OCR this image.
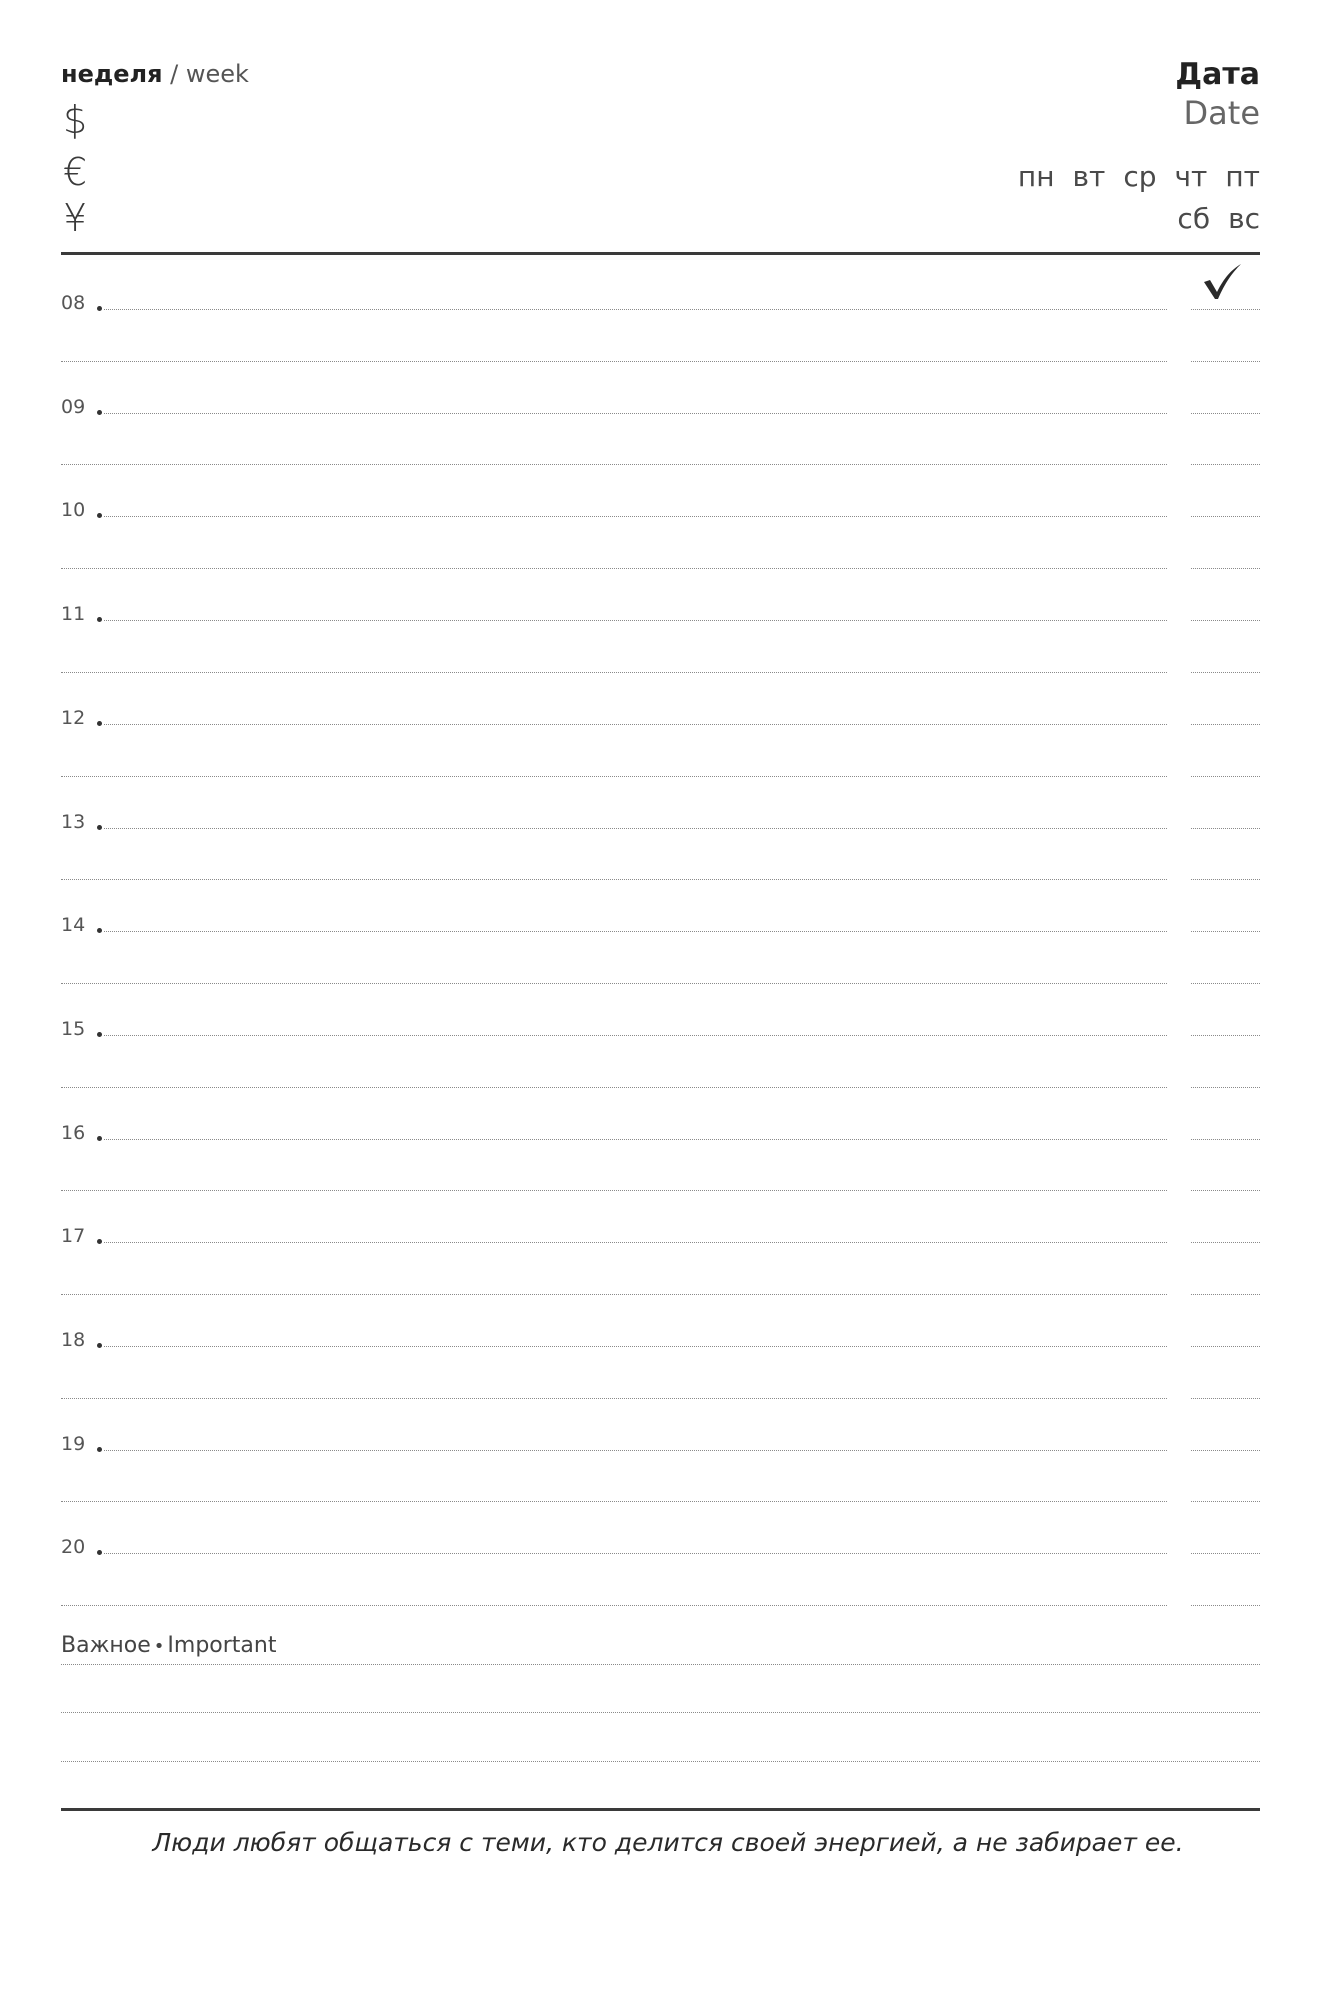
неделя / week
$
€
¥
Дата
Date
пн вт ср чт пт
сб вс
08
09
10
11
12
13
14
15
16
17
18
19
20
Важное • Important
Люди любят общаться с теми, кто делится своей энергией, а не забирает ее.
